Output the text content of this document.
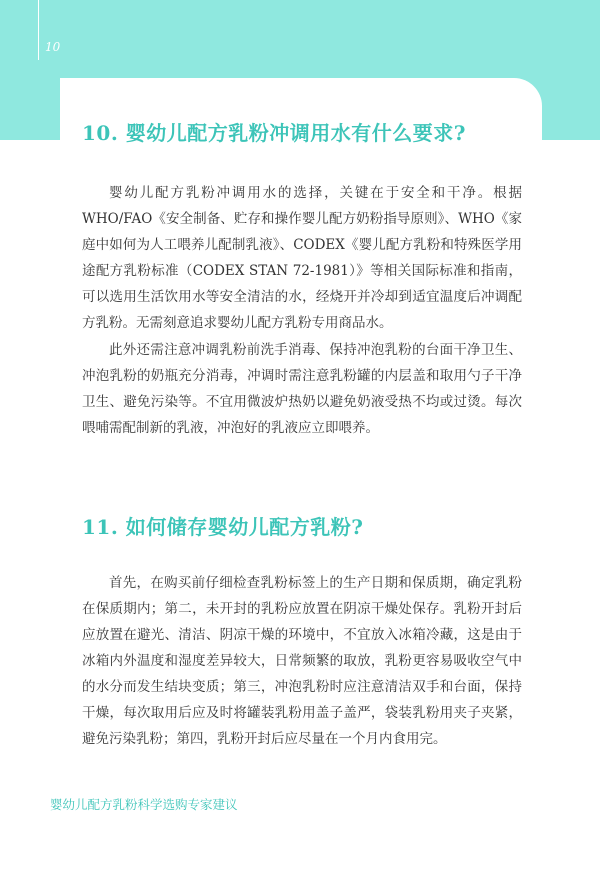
10
10. 婴幼儿配方乳粉冲调用水有什么要求?

婴幼儿配方乳粉冲调用水的选择，关键在于安全和干净。根据WHO/FAO《安全制备、贮存和操作婴儿配方奶粉指导原则》、WHO《家庭中如何为人工喂养儿配制乳液》、CODEX《婴儿配方乳粉和特殊医学用途配方乳粉标准（CODEX STAN 72-1981）》等相关国际标准和指南，可以选用生活饮用水等安全清洁的水，经烧开并冷却到适宜温度后冲调配方乳粉。无需刻意追求婴幼儿配方乳粉专用商品水。

此外还需注意冲调乳粉前洗手消毒、保持冲泡乳粉的台面干净卫生、冲泡乳粉的奶瓶充分消毒，冲调时需注意乳粉罐的内层盖和取用勺子干净卫生、避免污染等。不宜用微波炉热奶以避免奶液受热不均或过烫。每次喂哺需配制新的乳液，冲泡好的乳液应立即喂养。

11. 如何储存婴幼儿配方乳粉?

首先，在购买前仔细检查乳粉标签上的生产日期和保质期，确定乳粉在保质期内；第二，未开封的乳粉应放置在阴凉干燥处保存。乳粉开封后应放置在避光、清洁、阴凉干燥的环境中，不宜放入冰箱冷藏，这是由于冰箱内外温度和湿度差异较大，日常频繁的取放，乳粉更容易吸收空气中的水分而发生结块变质；第三，冲泡乳粉时应注意清洁双手和台面，保持干燥，每次取用后应及时将罐装乳粉用盖子盖严，袋装乳粉用夹子夹紧，避免污染乳粉；第四，乳粉开封后应尽量在一个月内食用完。

婴幼儿配方乳粉科学选购专家建议
